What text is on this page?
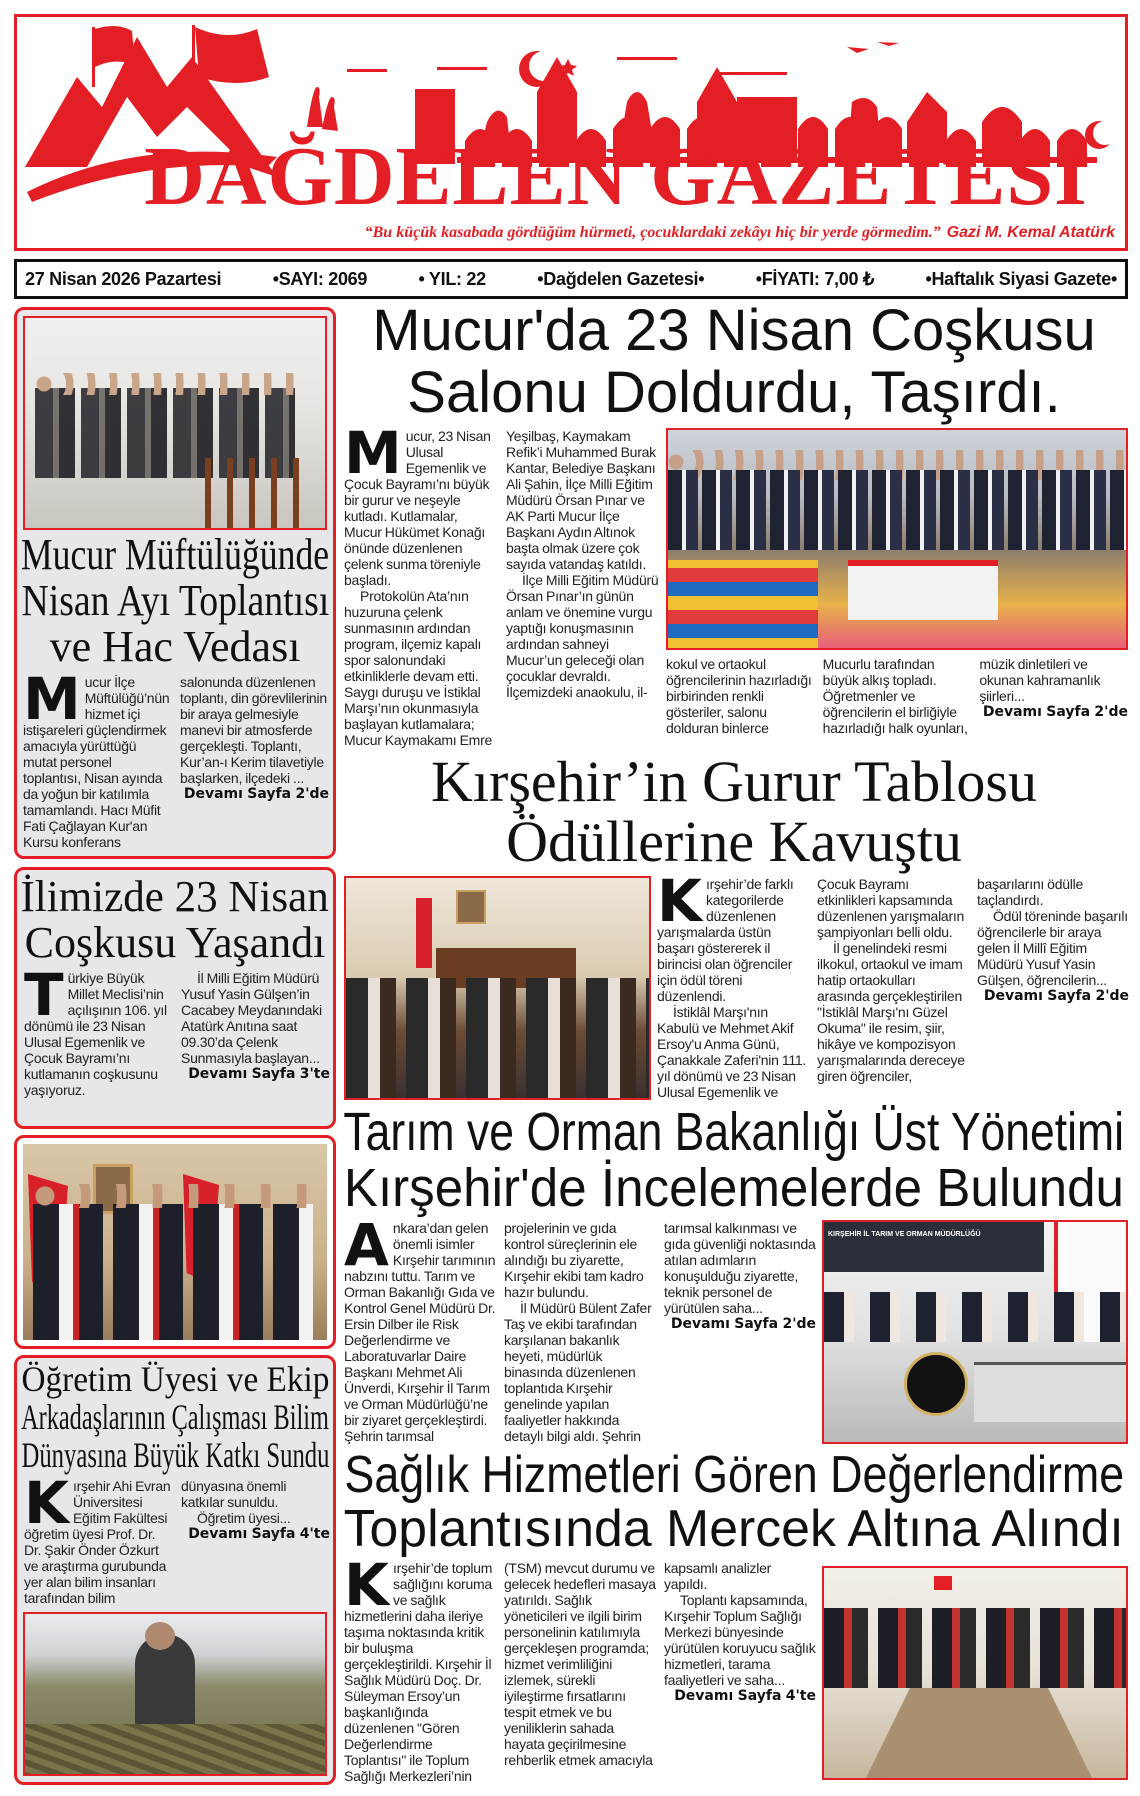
DAĞDELEN GAZETESI
“Bu küçük kasabada gördüğüm hürmeti, çocuklardaki zekâyı hiç bir yerde görmedim.” Gazi M. Kemal Atatürk
27 Nisan 2026 Pazartesi	•SAYI: 2069	• YIL: 22	•Dağdelen Gazetesi•	•FİYATI: 7,00 ₺	•Haftalık Siyasi Gazete•
Mucur Müftülüğünde
Nisan Ayı Toplantısı
ve Hac Vedası
M ucur İlçe Müftülüğü’nün hizmet içi istişareleri güçlendirmek amacıyla yürüttüğü mutat personel toplantısı, Nisan ayında da yoğun bir katılımla tamamlandı. Hacı Müfit Fati Çağlayan Kur'an Kursu konferans salonunda düzenlenen toplantı, din görevlilerinin bir araya gelmesiyle manevi bir atmosferde gerçekleşti. Toplantı, Kur’an-ı Kerim tilavetiyle başlarken, ilçedeki ...

Devamı Sayfa 2'de
İlimizde 23 Nisan
Coşkusu Yaşandı
T ürkiye Büyük Millet Meclisi’nin açılışının 106. yıl dönümü ile 23 Nisan Ulusal Egemenlik ve Çocuk Bayramı’nı kutlamanın coşkusunu yaşıyoruz.

İl Milli Eğitim Müdürü Yusuf Yasin Gülşen’in Cacabey Meydanındaki Atatürk Anıtına saat 09.30’da Çelenk Sunmasıyla başlayan...

Devamı Sayfa 3'te
Öğretim Üyesi ve Ekip
Arkadaşlarının Çalışması Bilim
Dünyasına Büyük Katkı Sundu
K ırşehir Ahi Evran Üniversitesi Eğitim Fakültesi öğretim üyesi Prof. Dr. Dr. Şakir Önder Özkurt ve araştırma gurubunda yer alan bilim insanları tarafından bilim dünyasına önemli katkılar sunuldu.

Öğretim üyesi...

Devamı Sayfa 4'te
Mucur'da 23 Nisan Coşkusu
Salonu Doldurdu, Taşırdı.
M ucur, 23 Nisan Ulusal Egemenlik ve Çocuk Bayramı’nı büyük bir gurur ve neşeyle kutladı. Kutlamalar, Mucur Hükümet Konağı önünde düzenlenen çelenk sunma töreniyle başladı.

Protokolün Ata’nın huzuruna çelenk sunmasının ardından program, ilçemiz kapalı spor salonundaki etkinliklerle devam etti. Saygı duruşu ve İstiklal Marşı’nın okunmasıyla başlayan kutlamalara; Mucur Kaymakamı Emre Yeşilbaş, Kaymakam Refik’i Muhammed Burak Kantar, Belediye Başkanı Ali Şahin, İlçe Milli Eğitim Müdürü Örsan Pınar ve AK Parti Mucur İlçe Başkanı Aydın Altınok başta olmak üzere çok sayıda vatandaş katıldı.

İlçe Milli Eğitim Müdürü Örsan Pınar’ın günün anlam ve önemine vurgu yaptığı konuşmasının ardından sahneyi Mucur’un geleceği olan çocuklar devraldı. İlçemizdeki anaokulu, il-

kokul ve ortaokul öğrencilerinin hazırladığı birbirinden renkli gösteriler, salonu dolduran binlerce Mucurlu tarafından büyük alkış topladı. Öğretmenler ve öğrencilerin el birliğiyle hazırladığı halk oyunları, müzik dinletileri ve okunan kahramanlık şiirleri...

Devamı Sayfa 2'de
Kırşehir’in Gurur Tablosu
Ödüllerine Kavuştu
K ırşehir’de farklı kategorilerde düzenlenen yarışmalarda üstün başarı göstererek il birincisi olan öğrenciler için ödül töreni düzenlendi.

İstiklâl Marşı'nın Kabulü ve Mehmet Akif Ersoy'u Anma Günü, Çanakkale Zaferi'nin 111. yıl dönümü ve 23 Nisan Ulusal Egemenlik ve Çocuk Bayramı etkinlikleri kapsamında düzenlenen yarışmaların şampiyonları belli oldu.

İl genelindeki resmi ilkokul, ortaokul ve imam hatip ortaokulları arasında gerçekleştirilen "İstiklâl Marşı'nı Güzel Okuma" ile resim, şiir, hikâye ve kompozisyon yarışmalarında dereceye giren öğrenciler, başarılarını ödülle taçlandırdı.

Ödül töreninde başarılı öğrencilerle bir araya gelen İl Millî Eğitim Müdürü Yusuf Yasin Gülşen, öğrencilerin...

Devamı Sayfa 2'de
Tarım ve Orman Bakanlığı Üst Yönetimi
Kırşehir'de İncelemelerde Bulundu
A nkara’dan gelen önemli isimler Kırşehir tarımının nabzını tuttu. Tarım ve Orman Bakanlığı Gıda ve Kontrol Genel Müdürü Dr. Ersin Dilber ile Risk Değerlendirme ve Laboratuvarlar Daire Başkanı Mehmet Ali Ünverdi, Kırşehir İl Tarım ve Orman Müdürlüğü’ne bir ziyaret gerçekleştirdi. Şehrin tarımsal projelerinin ve gıda kontrol süreçlerinin ele alındığı bu ziyarette, Kırşehir ekibi tam kadro hazır bulundu.

İl Müdürü Bülent Zafer Taş ve ekibi tarafından karşılanan bakanlık heyeti, müdürlük binasında düzenlenen toplantıda Kırşehir genelinde yapılan faaliyetler hakkında detaylı bilgi aldı. Şehrin tarımsal kalkınması ve gıda güvenliği noktasında atılan adımların konuşulduğu ziyarette, teknik personel de yürütülen saha...

Devamı Sayfa 2'de
KIRŞEHİR İL TARIM VE ORMAN MÜDÜRLÜĞÜ
Sağlık Hizmetleri Gören Değerlendirme
Toplantısında Mercek Altına Alındı
K ırşehir’de toplum sağlığını koruma ve sağlık hizmetlerini daha ileriye taşıma noktasında kritik bir buluşma gerçekleştirildi. Kırşehir İl Sağlık Müdürü Doç. Dr. Süleyman Ersoy’un başkanlığında düzenlenen "Gören Değerlendirme Toplantısı" ile Toplum Sağlığı Merkezleri’nin (TSM) mevcut durumu ve gelecek hedefleri masaya yatırıldı. Sağlık yöneticileri ve ilgili birim personelinin katılımıyla gerçekleşen programda; hizmet verimliliğini izlemek, sürekli iyileştirme fırsatlarını tespit etmek ve bu yeniliklerin sahada hayata geçirilmesine rehberlik etmek amacıyla kapsamlı analizler yapıldı.

Toplantı kapsamında, Kırşehir Toplum Sağlığı Merkezi bünyesinde yürütülen koruyucu sağlık hizmetleri, tarama faaliyetleri ve saha...

Devamı Sayfa 4'te
